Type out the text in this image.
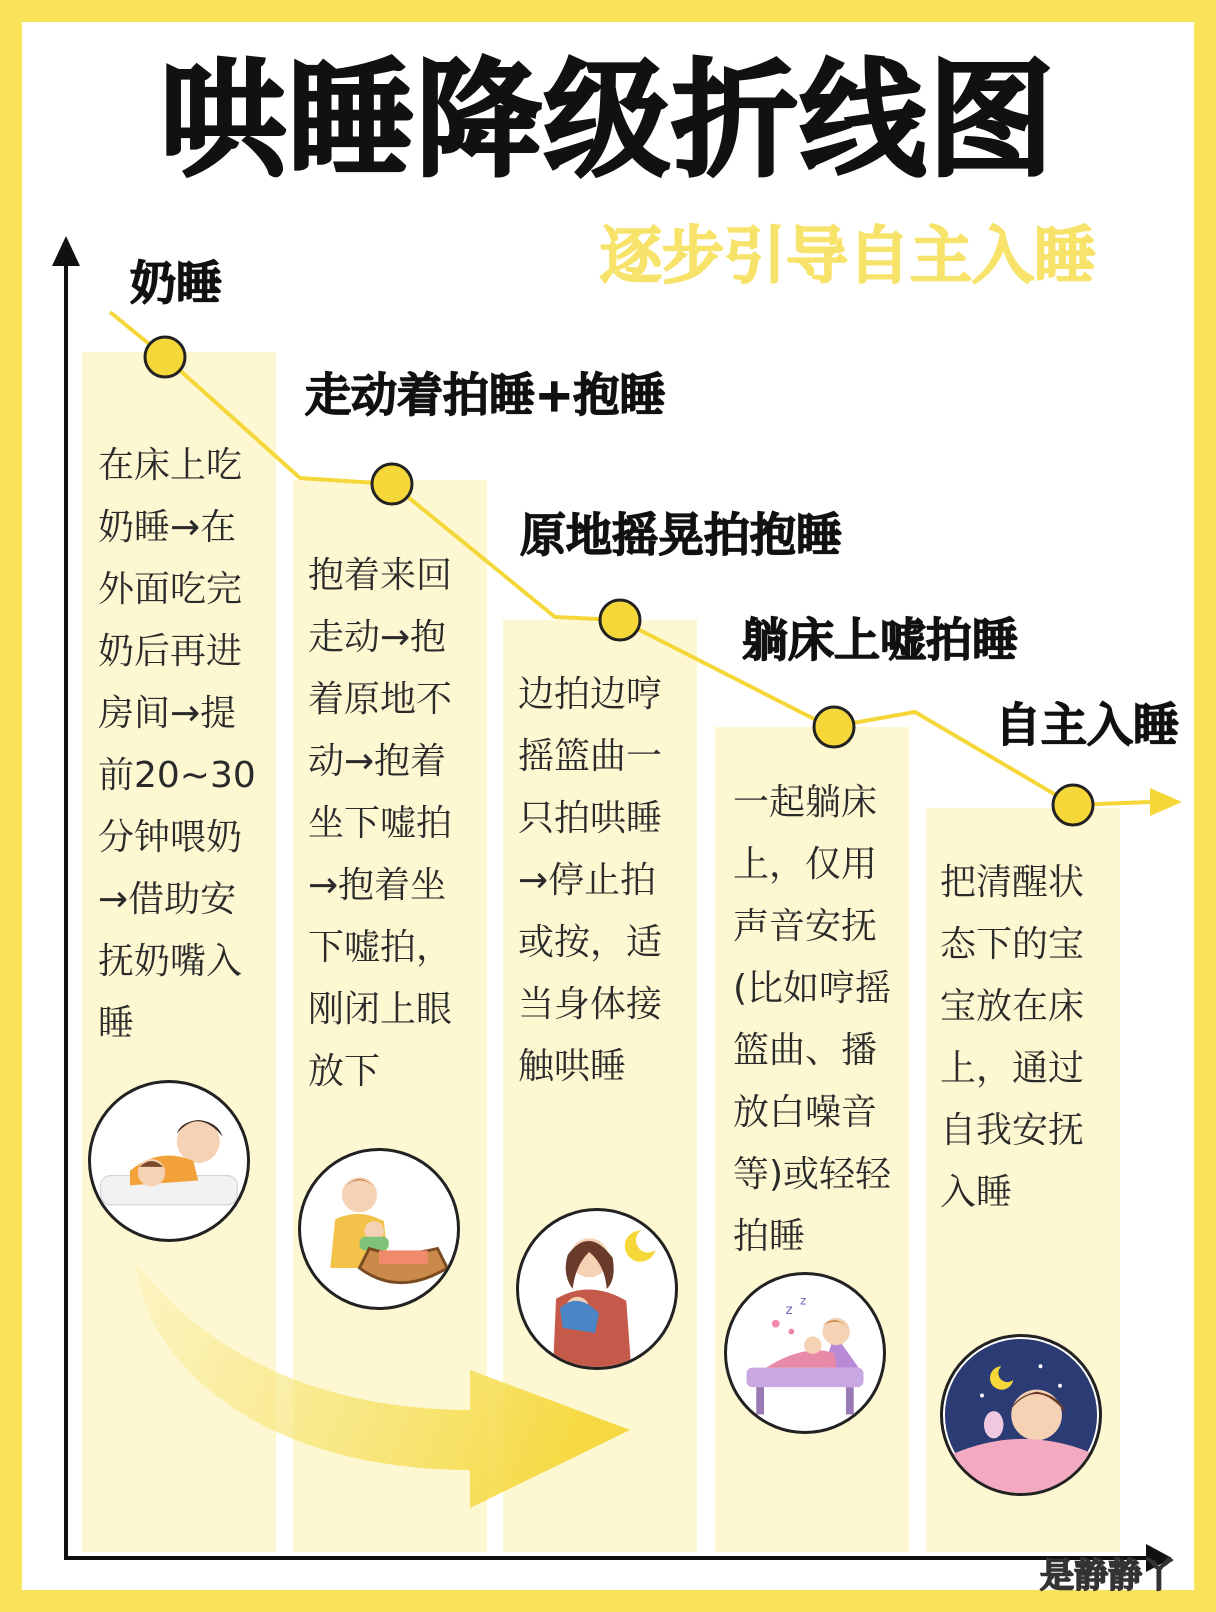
哄睡降级折线图
逐步引导自主入睡
奶睡
走动着拍睡+抱睡
原地摇晃拍抱睡
躺床上嘘拍睡
自主入睡
在床上吃奶睡→在外面吃完奶后再进房间→提前20~30分钟喂奶→借助安抚奶嘴入睡
抱着来回走动→抱着原地不动→抱着坐下嘘拍→抱着坐下嘘拍，刚闭上眼放下
边拍边哼摇篮曲一只拍哄睡→停止拍或按，适当身体接触哄睡
一起躺床上，仅用声音安抚(比如哼摇篮曲、播放白噪音等)或轻轻拍睡
把清醒状态下的宝宝放在床上，通过自我安抚入睡
z
z
是静静丫
